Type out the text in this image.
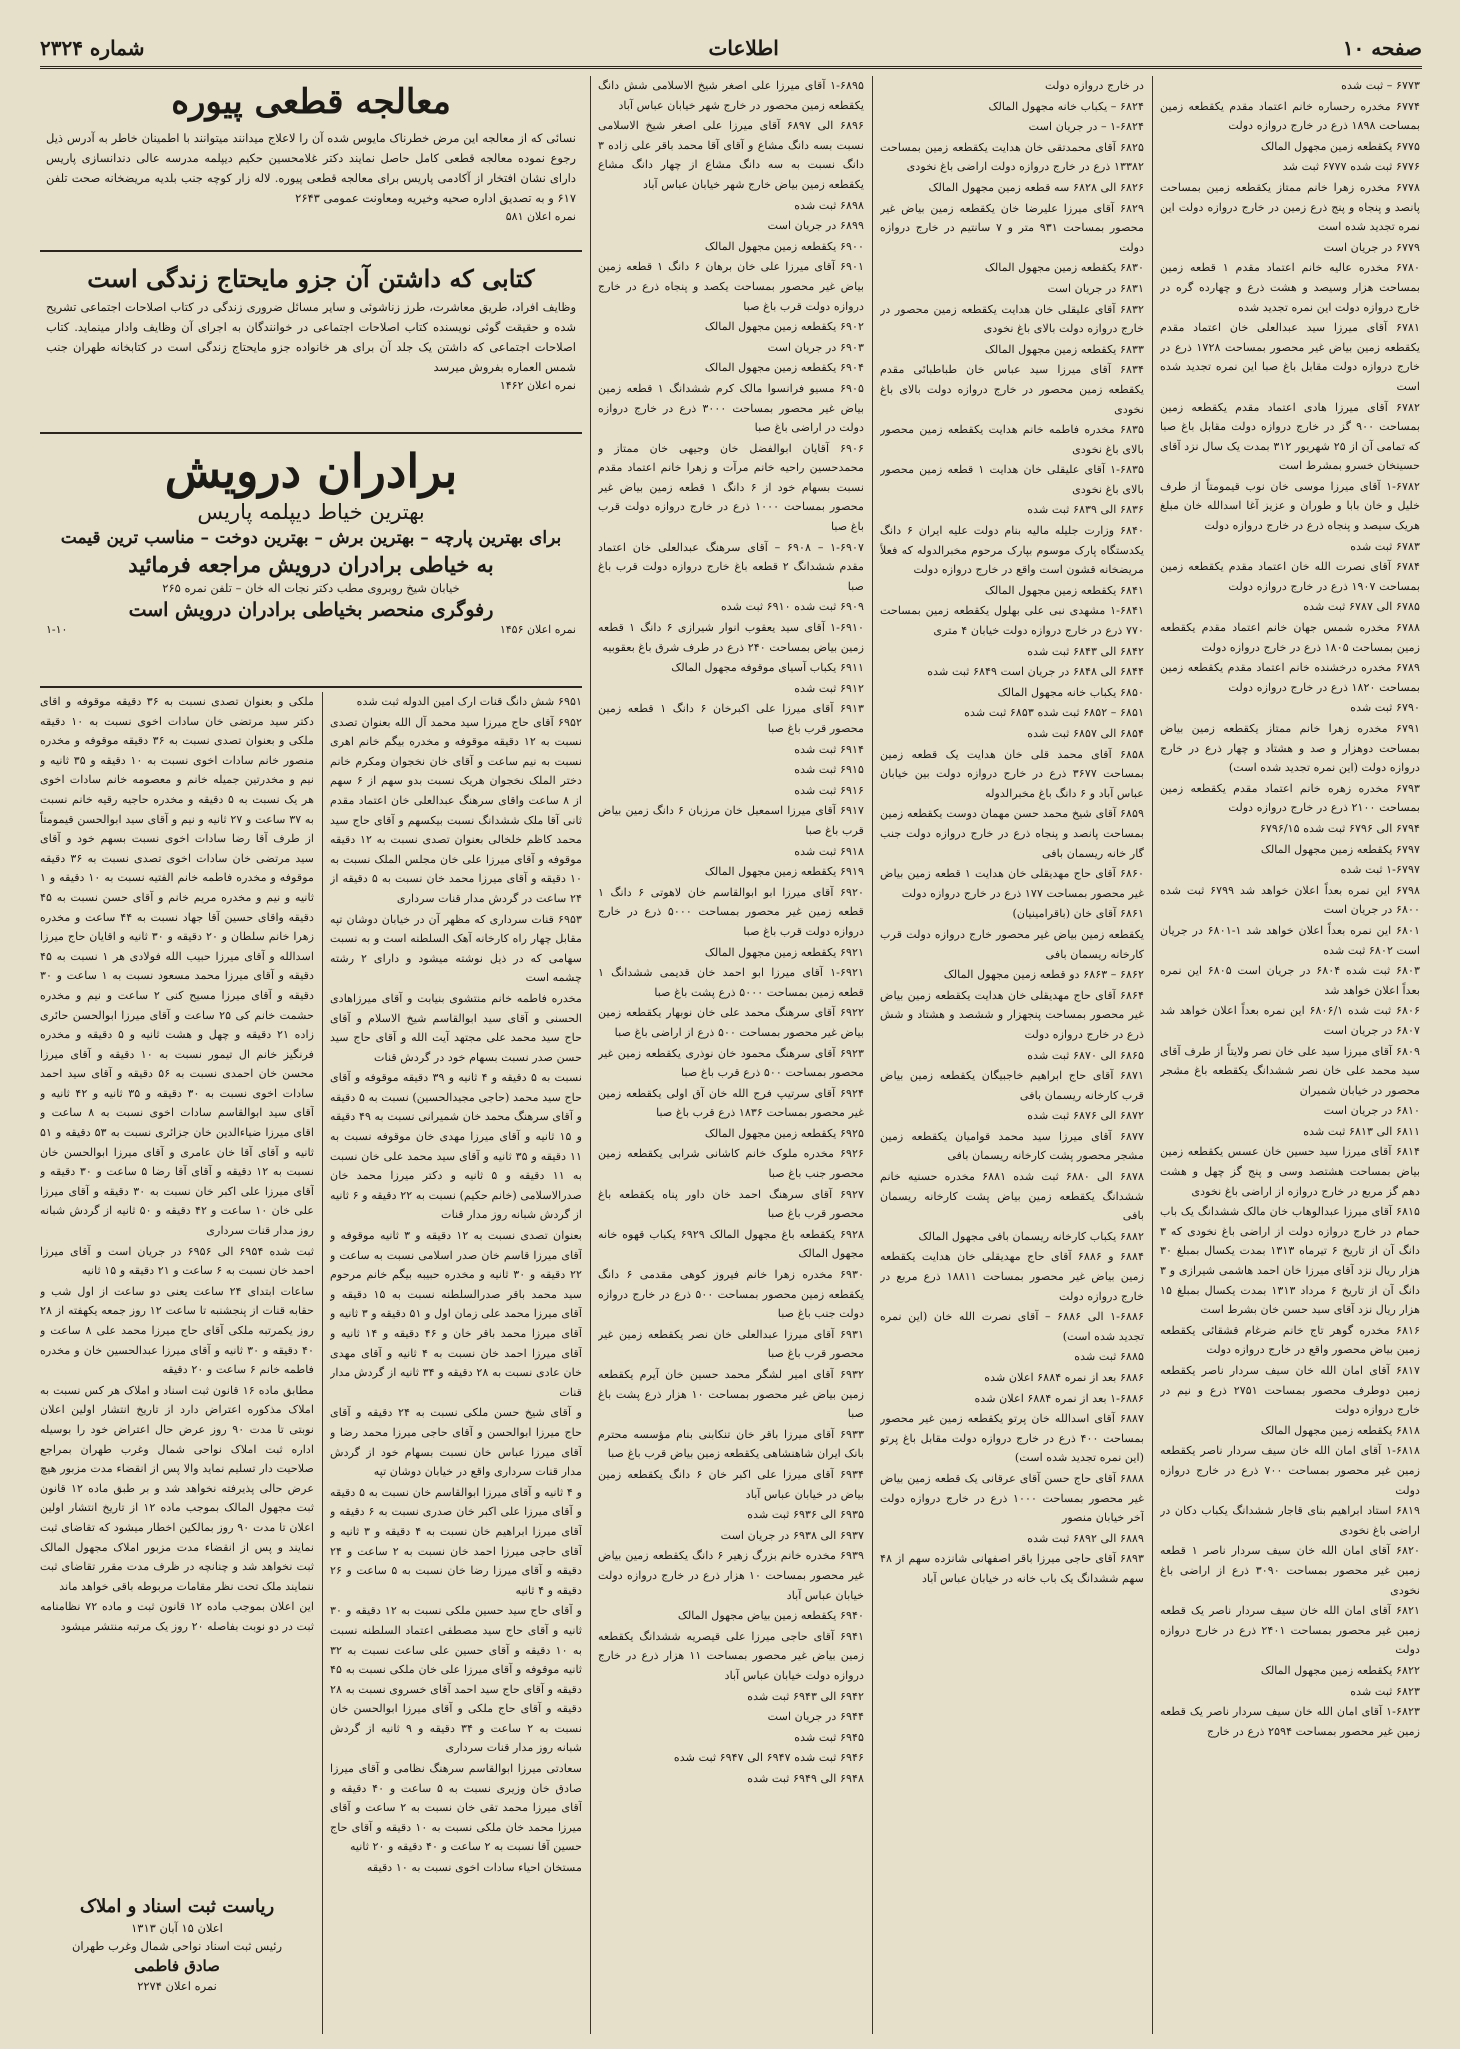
صفحه ۱۰
اطلاعات
شماره ۲۳۲۴

۶۷۷۳ – ثبت شده

۶۷۷۴ مخدره رحساره خانم اعتماد مقدم یکقطعه زمین بمساحت ۱۸۹۸ ذرع در خارج دروازه دولت

۶۷۷۵ یکقطعه زمین مجهول المالک

۶۷۷۶ ثبت شده ۶۷۷۷ ثبت شد

۶۷۷۸ مخدره زهرا خانم ممتاز یکقطعه زمین بمساحت پانصد و پنجاه و پنج ذرع زمین در خارج دروازه دولت این نمره تجدید شده است

۶۷۷۹ در جریان است

۶۷۸۰ مخدره عالیه خانم اعتماد مقدم ۱ قطعه زمین بمساحت هزار وسیصد و هشت ذرع و چهارده گره در خارج دروازه دولت این نمره تجدید شده

۶۷۸۱ آقای میرزا سید عبدالعلی خان اعتماد مقدم یکقطعه زمین بیاض غیر محصور بمساحت ۱۷۲۸ ذرع در خارج دروازه دولت مقابل باغ صبا این نمره تجدید شده است

۶۷۸۲ آقای میرزا هادی اعتماد مقدم یکقطعه زمین بمساحت ۹۰۰ گز در خارج دروازه دولت مقابل باغ صبا که تمامی آن از ۲۵ شهریور ۳۱۲ بمدت یک سال نزد آقای حسینخان خسرو بمشرط است

۱-۶۷۸۲ آقای میرزا موسی خان نوب قیمومتاً از طرف خلیل و خان بابا و طوران و عزیز آغا اسدالله خان مبلغ هریک سیصد و پنجاه ذرع در خارج دروازه دولت

۶۷۸۳ ثبت شده

۶۷۸۴ آقای نصرت الله خان اعتماد مقدم یکقطعه زمین بمساحت ۱۹۰۷ ذرع در خارج دروازه دولت

۶۷۸۵ الی ۶۷۸۷ ثبت شده

۶۷۸۸ مخدره شمس جهان خانم اعتماد مقدم یکقطعه زمین بمساحت ۱۸۰۵ ذرع در خارج دروازه دولت

۶۷۸۹ مخدره درخشنده خانم اعتماد مقدم یکقطعه زمین بمساحت ۱۸۲۰ ذرع در خارج دروازه دولت

۶۷۹۰ ثبت شده

۶۷۹۱ مخدره زهرا خانم ممتاز یکقطعه زمین بیاض بمساحت دوهزار و صد و هشتاد و چهار ذرع در خارج دروازه دولت (این نمره تجدید شده است)

۶۷۹۳ مخدره زهره خانم اعتماد مقدم یکقطعه زمین بمساحت ۲۱۰۰ ذرع در خارج دروازه دولت

۶۷۹۴ الی ۶۷۹۶ ثبت شده ۶۷۹۶/۱۵

۶۷۹۷ یکقطعه زمین مجهول المالک

۱-۶۷۹۷ ثبت شده

۶۷۹۸ این نمره بعداً اعلان خواهد شد ۶۷۹۹ ثبت شده ۶۸۰۰ در جریان است

۶۸۰۱ این نمره بعداً اعلان خواهد شد ۱-۶۸۰۱ در جریان است ۶۸۰۲ ثبت شده

۶۸۰۳ ثبت شده ۶۸۰۴ در جریان است ۶۸۰۵ این نمره بعداً اعلان خواهد شد

۶۸۰۶ ثبت شده ۶۸۰۶/۱ این نمره بعداً اعلان خواهد شد ۶۸۰۷ در جریان است

۶۸۰۹ آقای میرزا سید علی خان نصر ولایتاً از طرف آقای سید محمد علی خان نصر ششدانگ یکقطعه باغ مشجر محصور در خیابان شمیران

۶۸۱۰ در جریان است

۶۸۱۱ الی ۶۸۱۳ ثبت شده

۶۸۱۴ آقای میرزا سید حسین خان عسس یکقطعه زمین بیاض بمساحت هشتصد وسی و پنج گز چهل و هشت دهم گز مربع در خارج دروازه از اراضی باغ نخودی

۶۸۱۵ آقای میرزا عبدالوهاب خان مالک ششدانگ یک باب حمام در خارج دروازه دولت از اراضی باغ نخودی که ۳ دانگ آن از تاریخ ۶ تیرماه ۱۳۱۳ بمدت یکسال بمبلغ ۳۰ هزار ریال نزد آقای میرزا خان احمد هاشمی شیرازی و ۳ دانگ آن از تاریخ ۶ مرداد ۱۳۱۳ بمدت یکسال بمبلغ ۱۵ هزار ریال نزد آقای سید حسن خان بشرط است

۶۸۱۶ مخدره گوهر تاج خانم ضرغام قشقائی یکقطعه زمین بیاض محصور واقع در خارج دروازه دولت

۶۸۱۷ آقای امان الله خان سیف سردار ناصر یکقطعه زمین دوطرف محصور بمساحت ۲۷۵۱ ذرع و نیم در خارج دروازه دولت

۶۸۱۸ یکقطعه زمین مجهول المالک

۱-۶۸۱۸ آقای امان الله خان سیف سردار ناصر یکقطعه زمین غیر محصور بمساحت ۷۰۰ ذرع در خارج دروازه دولت

۶۸۱۹ استاد ابراهیم بنای قاجار ششدانگ یکباب دکان در اراضی باغ نخودی

۶۸۲۰ آقای امان الله خان سیف سردار ناصر ۱ قطعه زمین غیر محصور بمساحت ۳۰۹۰ ذرع از اراضی باغ نخودی

۶۸۲۱ آقای امان الله خان سیف سردار ناصر یک قطعه زمین غیر محصور بمساحت ۲۴۰۱ ذرع در خارج دروازه دولت

۶۸۲۲ یکقطعه زمین مجهول المالک

۶۸۲۳ ثبت شده

۱-۶۸۲۳ آقای امان الله خان سیف سردار ناصر یک قطعه زمین غیر محصور بمساحت ۲۵۹۴ ذرع در خارج

در خارج دروازه دولت

۶۸۲۴ – یکباب خانه مجهول المالک

۱-۶۸۲۴ – در جریان است

۶۸۲۵ آقای محمدتقی خان هدایت یکقطعه زمین بمساحت ۱۳۳۸۲ ذرع در خارج دروازه دولت اراضی باغ نخودی

۶۸۲۶ الی ۶۸۲۸ سه قطعه زمین مجهول المالک

۶۸۲۹ آقای میرزا علیرضا خان یکقطعه زمین بیاض غیر محصور بمساحت ۹۳۱ متر و ۷ سانتیم در خارج دروازه دولت

۶۸۳۰ یکقطعه زمین مجهول المالک

۶۸۳۱ در جریان است

۶۸۳۲ آقای علیقلی خان هدایت یکقطعه زمین محصور در خارج دروازه دولت بالای باغ نخودی

۶۸۳۳ یکقطعه زمین مجهول المالک

۶۸۳۴ آقای میرزا سید عباس خان طباطبائی مقدم یکقطعه زمین محصور در خارج دروازه دولت بالای باغ نخودی

۶۸۳۵ مخدره فاطمه خانم هدایت یکقطعه زمین محصور بالای باغ نخودی

۱-۶۸۳۵ آقای علیقلی خان هدایت ۱ قطعه زمین محصور بالای باغ نخودی

۶۸۳۶ الی ۶۸۳۹ ثبت شده

۶۸۴۰ وزارت جلیله مالیه بنام دولت علیه ایران ۶ دانگ یکدستگاه پارک موسوم بپارک مرحوم مخبرالدوله که فعلاً مریضخانه قشون است واقع در خارج دروازه دولت

۶۸۴۱ یکقطعه زمین مجهول المالک

۱-۶۸۴۱ مشهدی نبی علی بهلول یکقطعه زمین بمساحت ۷۷۰ ذرع در خارج دروازه دولت خیابان ۴ متری

۶۸۴۲ الی ۶۸۴۳ ثبت شده

۶۸۴۴ الی ۶۸۴۸ در جریان است ۶۸۴۹ ثبت شده

۶۸۵۰ یکباب خانه مجهول المالک

۶۸۵۱ – ۶۸۵۲ ثبت شده ۶۸۵۳ ثبت شده

۶۸۵۴ الی ۶۸۵۷ ثبت شده

۶۸۵۸ آقای محمد قلی خان هدایت یک قطعه زمین بمساحت ۳۶۷۷ ذرع در خارج دروازه دولت بین خیابان عباس آباد و ۶ دانگ باغ مخبرالدوله

۶۸۵۹ آقای شیخ محمد حسن مهمان دوست یکقطعه زمین بمساحت پانصد و پنجاه ذرع در خارج دروازه دولت جنب گار خانه ریسمان بافی

۶۸۶۰ آقای حاج مهدیقلی خان هدایت ۱ قطعه زمین بیاض غیر محصور بمساحت ۱۷۷ ذرع در خارج دروازه دولت

۶۸۶۱ آقای خان (باقرامینیان)

یکقطعه زمین بیاض غیر محصور خارج دروازه دولت قرب کارخانه ریسمان بافی

۶۸۶۲ – ۶۸۶۳ دو قطعه زمین مجهول المالک

۶۸۶۴ آقای حاج مهدیقلی خان هدایت یکقطعه زمین بیاض غیر محصور بمساحت پنجهزار و ششصد و هشتاد و شش ذرع در خارج دروازه دولت

۶۸۶۵ الی ۶۸۷۰ ثبت شده

۶۸۷۱ آقای حاج ابراهیم خاجبیگان یکقطعه زمین بیاض قرب کارخانه ریسمان بافی

۶۸۷۲ الی ۶۸۷۶ ثبت شده

۶۸۷۷ آقای میرزا سید محمد قوامیان یکقطعه زمین مشجر محصور پشت کارخانه ریسمان بافی

۶۸۷۸ الی ۶۸۸۰ ثبت شده ۶۸۸۱ مخدره حسنیه خانم ششدانگ یکقطعه زمین بیاض پشت کارخانه ریسمان بافی

۶۸۸۲ یکباب کارخانه ریسمان بافی مجهول المالک

۶۸۸۴ و ۶۸۸۶ آقای حاج مهدیقلی خان هدایت یکقطعه زمین بیاض غیر محصور بمساحت ۱۸۸۱۱ ذرع مربع در خارج دروازه دولت

۱-۶۸۸۶ الی ۶۸۸۶ – آقای نصرت الله خان (این نمره تجدید شده است)

۶۸۸۵ ثبت شده

۶۸۸۶ بعد از نمره ۶۸۸۴ اعلان شده

۱-۶۸۸۶ بعد از نمره ۶۸۸۴ اعلان شده

۶۸۸۷ آقای اسدالله خان پرتو یکقطعه زمین غیر محصور بمساحت ۴۰۰ ذرع در خارج دروازه دولت مقابل باغ پرتو (این نمره تجدید شده است)

۶۸۸۸ آقای حاج حسن آقای عرقانی یک قطعه زمین بیاض غیر محصور بمساحت ۱۰۰۰ ذرع در خارج دروازه دولت آخر خیابان منصور

۶۸۸۹ الی ۶۸۹۲ ثبت شده

۶۸۹۳ آقای حاجی میرزا باقر اصفهانی شانزده سهم از ۴۸ سهم ششدانگ یک باب خانه در خیابان عباس آباد

۱-۶۸۹۵ آقای میرزا علی اصغر شیخ الاسلامی شش دانگ یکقطعه زمین محصور در خارج شهر خیابان عباس آباد

۶۸۹۶ الی ۶۸۹۷ آقای میرزا علی اصغر شیخ الاسلامی نسبت بسه دانگ مشاع و آقای آقا محمد باقر علی زاده ۳ دانگ نسبت به سه دانگ مشاع از چهار دانگ مشاع یکقطعه زمین بیاض خارج شهر خیابان عباس آباد

۶۸۹۸ ثبت شده

۶۸۹۹ در جریان است

۶۹۰۰ یکقطعه زمین مجهول المالک

۶۹۰۱ آقای میرزا علی خان برهان ۶ دانگ ۱ قطعه زمین بیاض غیر محصور بمساحت یکصد و پنجاه ذرع در خارج دروازه دولت قرب باغ صبا

۶۹۰۲ یکقطعه زمین مجهول المالک

۶۹۰۳ در جریان است

۶۹۰۴ یکقطعه زمین مجهول المالک

۶۹۰۵ مسیو فرانسوا مالک کرم ششدانگ ۱ قطعه زمین بیاض غیر محصور بمساحت ۳۰۰۰ ذرع در خارج دروازه دولت در اراضی باغ صبا

۶۹۰۶ آقایان ابوالفضل خان وجیهی خان ممتاز و محمدحسین راحیه خانم مرآت و زهرا خانم اعتماد مقدم نسبت بسهام خود از ۶ دانگ ۱ قطعه زمین بیاض غیر محصور بمساحت ۱۰۰۰ ذرع در خارج دروازه دولت قرب باغ صبا

۱-۶۹۰۷ – ۶۹۰۸ – آقای سرهنگ عبدالعلی خان اعتماد مقدم ششدانگ ۲ قطعه باغ خارج دروازه دولت قرب باغ صبا

۶۹۰۹ ثبت شده ۶۹۱۰ ثبت شده

۱-۶۹۱۰ آقای سید یعقوب انوار شیرازی ۶ دانگ ۱ قطعه زمین بیاض بمساحت ۲۴۰ ذرع در طرف شرق باغ بعقوبیه

۶۹۱۱ یکباب آسیای موقوفه مجهول المالک

۶۹۱۲ ثبت شده

۶۹۱۳ آقای میرزا علی اکبرخان ۶ دانگ ۱ قطعه زمین محصور قرب باغ صبا

۶۹۱۴ ثبت شده

۶۹۱۵ ثبت شده

۶۹۱۶ ثبت شده

۶۹۱۷ آقای میرزا اسمعیل خان مرزبان ۶ دانگ زمین بیاض قرب باغ صبا

۶۹۱۸ ثبت شده

۶۹۱۹ یکقطعه زمین مجهول المالک

۶۹۲۰ آقای میرزا ابو ابوالقاسم خان لاهوتی ۶ دانگ ۱ قطعه زمین غیر محصور بمساحت ۵۰۰۰ ذرع در خارج دروازه دولت قرب باغ صبا

۶۹۲۱ یکقطعه زمین مجهول المالک

۱-۶۹۲۱ آقای میرزا ابو احمد خان قدیمی ششدانگ ۱ قطعه زمین بمساحت ۵۰۰۰ ذرع پشت باغ صبا

۶۹۲۲ آقای سرهنگ محمد علی خان نوبهار یکقطعه زمین بیاض غیر محصور بمساحت ۵۰۰ ذرع از اراضی باغ صبا

۶۹۲۳ آقای سرهنگ محمود خان نوذری یکقطعه زمین غیر محصور بمساحت ۵۰۰ ذرع قرب باغ صبا

۶۹۲۴ آقای سرتیپ فرج الله خان آق اولی یکقطعه زمین غیر محصور بمساحت ۱۸۳۶ ذرع قرب باغ صبا

۶۹۲۵ یکقطعه زمین مجهول المالک

۶۹۲۶ مخدره ملوک خانم کاشانی شرابی یکقطعه زمین محصور جنب باغ صبا

۶۹۲۷ آقای سرهنگ احمد خان داور پناه یکقطعه باغ محصور قرب باغ صبا

۶۹۲۸ یکقطعه باغ مجهول المالک ۶۹۲۹ یکباب قهوه خانه مجهول المالک

۶۹۳۰ مخدره زهرا خانم فیروز کوهی مقدمی ۶ دانگ یکقطعه زمین محصور بمساحت ۵۰۰ ذرع در خارج دروازه دولت جنب باغ صبا

۶۹۳۱ آقای میرزا عبدالعلی خان نصر یکقطعه زمین غیر محصور قرب باغ صبا

۶۹۳۲ آقای امیر لشگر محمد حسین خان آیرم یکقطعه زمین بیاض غیر محصور بمساحت ۱۰ هزار ذرع پشت باغ صبا

۶۹۳۳ آقای میرزا باقر خان تنکابنی بنام مؤسسه محترم بانک ایران شاهنشاهی یکقطعه زمین بیاض قرب باغ صبا

۶۹۳۴ آقای میرزا علی اکبر خان ۶ دانگ یکقطعه زمین بیاض در خیابان عباس آباد

۶۹۳۵ الی ۶۹۳۶ ثبت شده

۶۹۳۷ الی ۶۹۳۸ در جریان است

۶۹۳۹ مخدره خانم بزرگ زهیر ۶ دانگ یکقطعه زمین بیاض غیر محصور بمساحت ۱۰ هزار ذرع در خارج دروازه دولت خیابان عباس آباد

۶۹۴۰ یکقطعه زمین بیاض مجهول المالک

۶۹۴۱ آقای حاجی میرزا علی قیصریه ششدانگ یکقطعه زمین بیاض غیر محصور بمساحت ۱۱ هزار ذرع در خارج دروازه دولت خیابان عباس آباد

۶۹۴۲ الی ۶۹۴۳ ثبت شده

۶۹۴۴ در جریان است

۶۹۴۵ ثبت شده

۶۹۴۶ ثبت شده ۶۹۴۷ الی ۶۹۴۷ ثبت شده

۶۹۴۸ الی ۶۹۴۹ ثبت شده

معالجه قطعی پیوره
نسائی که از معالجه این مرض خطرناک مایوس شده آن را لاعلاج میدانند میتوانند با اطمینان خاطر به آدرس ذیل رجوع نموده معالجه قطعی کامل حاصل نمایند دکتر غلامحسین حکیم دیپلمه مدرسه عالی دندانسازی پاریس دارای نشان افتخار از آکادمی پاریس برای معالجه قطعی پیوره. لاله زار کوچه جنب بلدیه مریضخانه صحت تلفن ۶۱۷ و به تصدیق اداره صحیه وخیریه ومعاونت عمومی ۲۶۴۳
نمره اعلان ۵۸۱
کتابی که داشتن آن جزو مایحتاج زندگی است
وظایف افراد، طریق معاشرت، طرز زناشوئی و سایر مسائل ضروری زندگی در کتاب اصلاحات اجتماعی تشریح شده و حقیقت گوئی نویسنده کتاب اصلاحات اجتماعی در خوانندگان به اجرای آن وظایف وادار مینماید. کتاب اصلاحات اجتماعی که داشتن یک جلد آن برای هر خانواده جزو مایحتاج زندگی است در کتابخانه طهران جنب شمس العماره بفروش میرسد
نمره اعلان ۱۴۶۲
برادران درویش
بهترین خیاط دیپلمه پاریس
برای بهترین پارچه – بهترین برش – بهترین دوخت – مناسب ترین قیمت
به خیاطی برادران درویش مراجعه فرمائید
خیابان شیخ روبروی مطب دکتر نجات اله خان – تلفن نمره ۲۶۵
رفوگری منحصر بخیاطی برادران درویش است
نمره اعلان ۱۴۵۶
۱-۱۰

۶۹۵۱ شش دانگ قنات ارک امین الدوله ثبت شده

۶۹۵۲ آقای حاج میرزا سید محمد آل الله بعنوان تصدی نسبت به ۱۲ دقیقه موقوفه و مخدره بیگم خانم اهری نسبت به نیم ساعت و آقای خان نخجوان ومکرم خانم دختر الملک نخجوان هریک نسبت بدو سهم از ۶ سهم از ۸ ساعت واقای سرهنگ عبدالعلی خان اعتماد مقدم ثانی آقا ملک ششدانگ نسبت بیکسهم و آقای حاج سید محمد کاظم خلخالی بعنوان تصدی نسبت به ۱۲ دقیقه موقوفه و آقای میرزا علی خان مجلس الملک نسبت به ۱۰ دقیقه و آقای میرزا محمد خان نسبت به ۵ دقیقه از ۲۴ ساعت در گردش مدار قنات سرداری

۶۹۵۳ قنات سرداری که مظهر آن در خیابان دوشان تپه مقابل چهار راه کارخانه آهک السلطنه است و به نسبت سهامی که در ذیل نوشته میشود و دارای ۲ رشته چشمه است

مخدره فاطمه خانم منتشوی بنیابت و آقای میرزاهادی الحسنی و آقای سید ابوالقاسم شیخ الاسلام و آقای حاج سید محمد علی مجتهد آیت الله و آقای حاج سید حسن صدر نسبت بسهام خود در گردش قنات

نسبت به ۵ دقیقه و ۴ ثانیه و ۳۹ دقیقه موقوفه و آقای حاج سید محمد (حاجی مجیدالحسین) نسبت به ۵ دقیقه و آقای سرهنگ محمد خان شمیرانی نسبت به ۴۹ دقیقه و ۱۵ ثانیه و آقای میرزا مهدی خان موقوفه نسبت به ۱۱ دقیقه و ۳۵ ثانیه و آقای سید محمد علی خان نسبت به ۱۱ دقیقه و ۵ ثانیه و دکتر میرزا محمد خان صدرالاسلامی (خانم حکیم) نسبت به ۲۲ دقیقه و ۶ ثانیه از گردش شبانه روز مدار قنات

بعنوان تصدی نسبت به ۱۲ دقیقه و ۳ ثانیه موقوفه و آقای میرزا قاسم خان صدر اسلامی نسبت به ساعت و ۲۲ دقیقه و ۳۰ ثانیه و مخدره حبیبه بیگم خانم مرحوم سید محمد باقر صدرالسلطنه نسبت به ۱۵ دقیقه و آقای میرزا محمد علی زمان اول و ۵۱ دقیقه و ۳ ثانیه و آقای میرزا محمد باقر خان و ۴۶ دقیقه و ۱۴ ثانیه و آقای میرزا احمد خان نسبت به ۴ ثانیه و آقای مهدی خان عادی نسبت به ۲۸ دقیقه و ۳۴ ثانیه از گردش مدار قنات

و آقای شیخ حسن ملکی نسبت به ۲۴ دقیقه و آقای حاج میرزا ابوالحسن و آقای حاجی میرزا محمد رضا و آقای میرزا عباس خان نسبت بسهام خود از گردش مدار قنات سرداری واقع در خیابان دوشان تپه

و ۴ ثانیه و آقای میرزا ابوالقاسم خان نسبت به ۵ دقیقه و آقای میرزا علی اکبر خان صدری نسبت به ۶ دقیقه و آقای میرزا ابراهیم خان نسبت به ۴ دقیقه و ۳ ثانیه و آقای حاجی میرزا احمد خان نسبت به ۲ ساعت و ۲۴ دقیقه و آقای میرزا رضا خان نسبت به ۵ ساعت و ۲۶ دقیقه و ۴ ثانیه

و آقای حاج سید حسین ملکی نسبت به ۱۲ دقیقه و ۳۰ ثانیه و آقای حاج سید مصطفی اعتماد السلطنه نسبت به ۱۰ دقیقه و آقای حسین علی ساعت نسبت به ۳۲ ثانیه موقوفه و آقای میرزا علی خان ملکی نسبت به ۴۵ دقیقه و آقای حاج سید احمد آقای خسروی نسبت به ۲۸ دقیقه و آقای حاج ملکی و آقای میرزا ابوالحسن خان نسبت به ۲ ساعت و ۳۴ دقیقه و ۹ ثانیه از گردش شبانه روز مدار قنات سرداری

سعادتی میرزا ابوالقاسم سرهنگ نظامی و آقای میرزا صادق خان وزیری نسبت به ۵ ساعت و ۴۰ دقیقه و آقای میرزا محمد تقی خان نسبت به ۲ ساعت و آقای میرزا محمد خان ملکی نسبت به ۱۰ دقیقه و آقای حاج حسین آقا نسبت به ۲ ساعت و ۴۰ دقیقه و ۲۰ ثانیه

مستخان احیاء سادات اخوی نسبت به ۱۰ دقیقه

ملکی و بعنوان تصدی نسبت به ۳۶ دقیقه موقوفه و اقای دکتر سید مرتضی خان سادات اخوی نسبت به ۱۰ دقیقه ملکی و بعنوان تصدی نسبت به ۳۶ دقیقه موقوفه و مخدره منصور خانم سادات اخوی نسبت به ۱۰ دقیقه و ۳۵ ثانیه و نیم و مخدرتین جمیله خانم و معصومه خانم سادات اخوی هر یک نسبت به ۵ دقیقه و مخدره حاجیه رقیه خانم نسبت به ۳۷ ساعت و ۲۷ ثانیه و نیم و آقای سید ابوالحسن قیمومتاً از طرف آقا رضا سادات اخوی نسبت بسهم خود و آقای سید مرتضی خان سادات اخوی تصدی نسبت به ۳۶ دقیقه موقوفه و مخدره فاطمه خانم الفتیه نسبت به ۱۰ دقیقه و ۱ ثانیه و نیم و مخدره مریم خانم و آقای حسن نسبت به ۴۵ دقیقه واقای حسین آقا جهاد نسبت به ۴۴ ساعت و مخدره زهرا خانم سلطان و ۲۰ دقیقه و ۳۰ ثانیه و اقایان حاج میرزا اسدالله و آقای میرزا حبیب الله فولادی هر ۱ نسبت به ۴۵ دقیقه و آقای میرزا محمد مسعود نسبت به ۱ ساعت و ۳۰ دقیقه و آقای میرزا مسیح کنی ۲ ساعت و نیم و مخدره حشمت خانم کی ۲۵ ساعت و آقای میرزا ابوالحسن حائری زاده ۲۱ دقیقه و چهل و هشت ثانیه و ۵ دقیقه و مخدره فرنگیز خانم ال تیمور نسبت به ۱۰ دقیقه و آقای میرزا محسن خان احمدی نسبت به ۵۶ دقیقه و آقای سید احمد سادات اخوی نسبت به ۳۰ دقیقه و ۳۵ ثانیه و ۴۲ ثانیه و آقای سید ابوالقاسم سادات اخوی نسبت به ۸ ساعت و اقای میرزا ضیاءالدین خان جزائری نسبت به ۵۳ دقیقه و ۵۱ ثانیه و آقای آقا خان عامری و آقای میرزا ابوالحسن خان نسبت به ۱۲ دقیقه و آقای آقا رضا ۵ ساعت و ۳۰ دقیقه و آقای میرزا علی اکبر خان نسبت به ۳۰ دقیقه و آقای میرزا علی خان ۱۰ ساعت و ۴۲ دقیقه و ۵۰ ثانیه از گردش شبانه روز مدار قنات سرداری

ثبت شده ۶۹۵۴ الی ۶۹۵۶ در جریان است و آقای میرزا احمد خان نسبت به ۶ ساعت و ۲۱ دقیقه و ۱۵ ثانیه

ساعات ابتدای ۲۴ ساعت یعنی دو ساعت از اول شب و حقابه قنات از پنجشنبه تا ساعت ۱۲ روز جمعه یکهفته از ۲۸ روز یکمرتبه ملکی آقای حاج میرزا محمد علی ۸ ساعت و ۴۰ دقیقه و ۳۰ ثانیه و آقای میرزا عبدالحسین خان و مخدره فاطمه خانم ۶ ساعت و ۲۰ دقیقه

مطابق ماده ۱۶ قانون ثبت اسناد و املاک هر کس نسبت به املاک مذکوره اعتراض دارد از تاریخ انتشار اولین اعلان نوبتی تا مدت ۹۰ روز عرض حال اعتراض خود را بوسیله اداره ثبت املاک نواحی شمال وغرب طهران بمراجع صلاحیت دار تسلیم نماید والا پس از انقضاء مدت مزبور هیچ عرض حالی پذیرفته نخواهد شد و بر طبق ماده ۱۲ قانون ثبت مجهول المالک بموجب ماده ۱۲ از تاریخ انتشار اولین اعلان تا مدت ۹۰ روز بمالکین اخطار میشود که تقاضای ثبت نمایند و پس از انقضاء مدت مزبور املاک مجهول المالک ثبت نخواهد شد و چنانچه در ظرف مدت مقرر تقاضای ثبت ننمایند ملک تحت نظر مقامات مربوطه باقی خواهد ماند

این اعلان بموجب ماده ۱۲ قانون ثبت و ماده ۷۲ نظامنامه ثبت در دو نوبت بفاصله ۲۰ روز یک مرتبه منتشر میشود

ریاست ثبت اسناد و املاک
اعلان ۱۵ آبان ۱۳۱۳
رئیس ثبت اسناد نواحی شمال وغرب طهران
صادق فاطمی
نمره اعلان ۲۲۷۴
